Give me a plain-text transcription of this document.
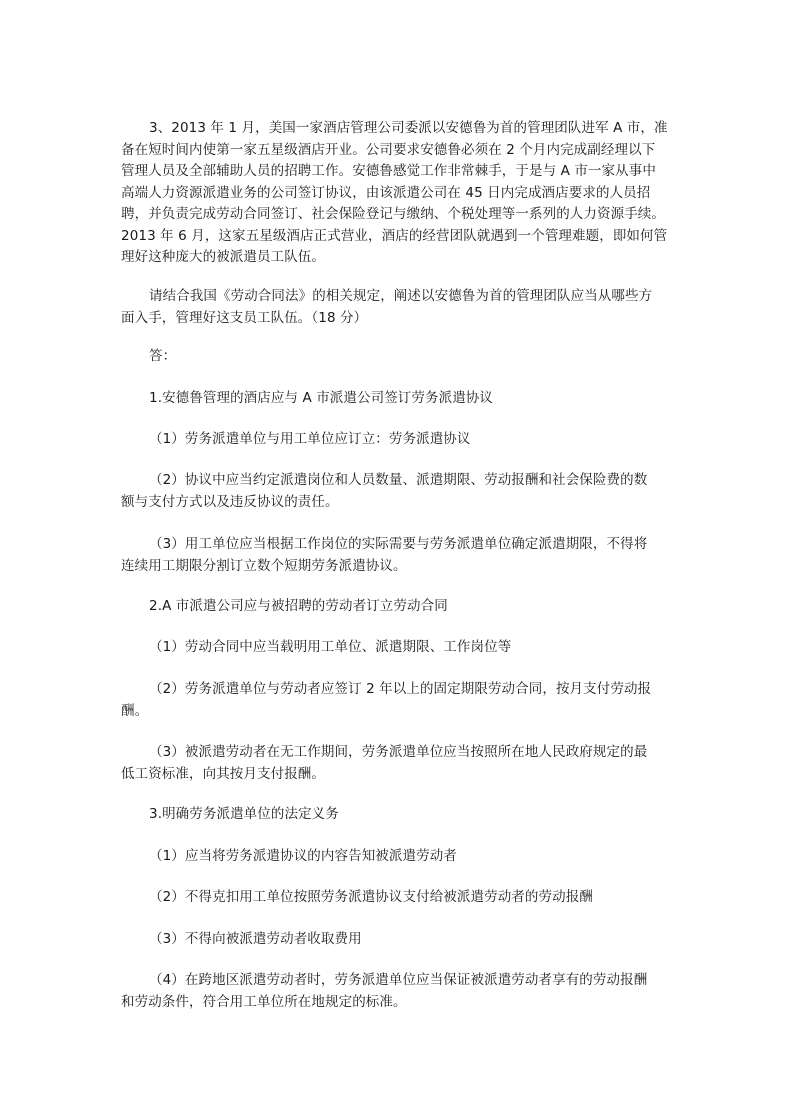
3、2013 年 1 月，美国一家酒店管理公司委派以安德鲁为首的管理团队进军 A 市，准
备在短时间内使第一家五星级酒店开业。公司要求安德鲁必须在 2 个月内完成副经理以下
管理人员及全部辅助人员的招聘工作。安德鲁感觉工作非常棘手，于是与 A 市一家从事中
高端人力资源派遣业务的公司签订协议，由该派遣公司在 45 日内完成酒店要求的人员招
聘，并负责完成劳动合同签订、社会保险登记与缴纳、个税处理等一系列的人力资源手续。
2013 年 6 月，这家五星级酒店正式营业，酒店的经营团队就遇到一个管理难题，即如何管
理好这种庞大的被派遣员工队伍。

请结合我国《劳动合同法》的相关规定，阐述以安德鲁为首的管理团队应当从哪些方
面入手，管理好这支员工队伍。（18 分）

答：

1.安德鲁管理的酒店应与 A 市派遣公司签订劳务派遣协议

（1）劳务派遣单位与用工单位应订立：劳务派遣协议

（2）协议中应当约定派遣岗位和人员数量、派遣期限、劳动报酬和社会保险费的数
额与支付方式以及违反协议的责任。

（3）用工单位应当根据工作岗位的实际需要与劳务派遣单位确定派遣期限，不得将
连续用工期限分割订立数个短期劳务派遣协议。

2.A 市派遣公司应与被招聘的劳动者订立劳动合同

（1）劳动合同中应当载明用工单位、派遣期限、工作岗位等

（2）劳务派遣单位与劳动者应签订 2 年以上的固定期限劳动合同，按月支付劳动报
酬。

（3）被派遣劳动者在无工作期间，劳务派遣单位应当按照所在地人民政府规定的最
低工资标准，向其按月支付报酬。

3.明确劳务派遣单位的法定义务

（1）应当将劳务派遣协议的内容告知被派遣劳动者

（2）不得克扣用工单位按照劳务派遣协议支付给被派遣劳动者的劳动报酬

（3）不得向被派遣劳动者收取费用

（4）在跨地区派遣劳动者时，劳务派遣单位应当保证被派遣劳动者享有的劳动报酬
和劳动条件，符合用工单位所在地规定的标准。
